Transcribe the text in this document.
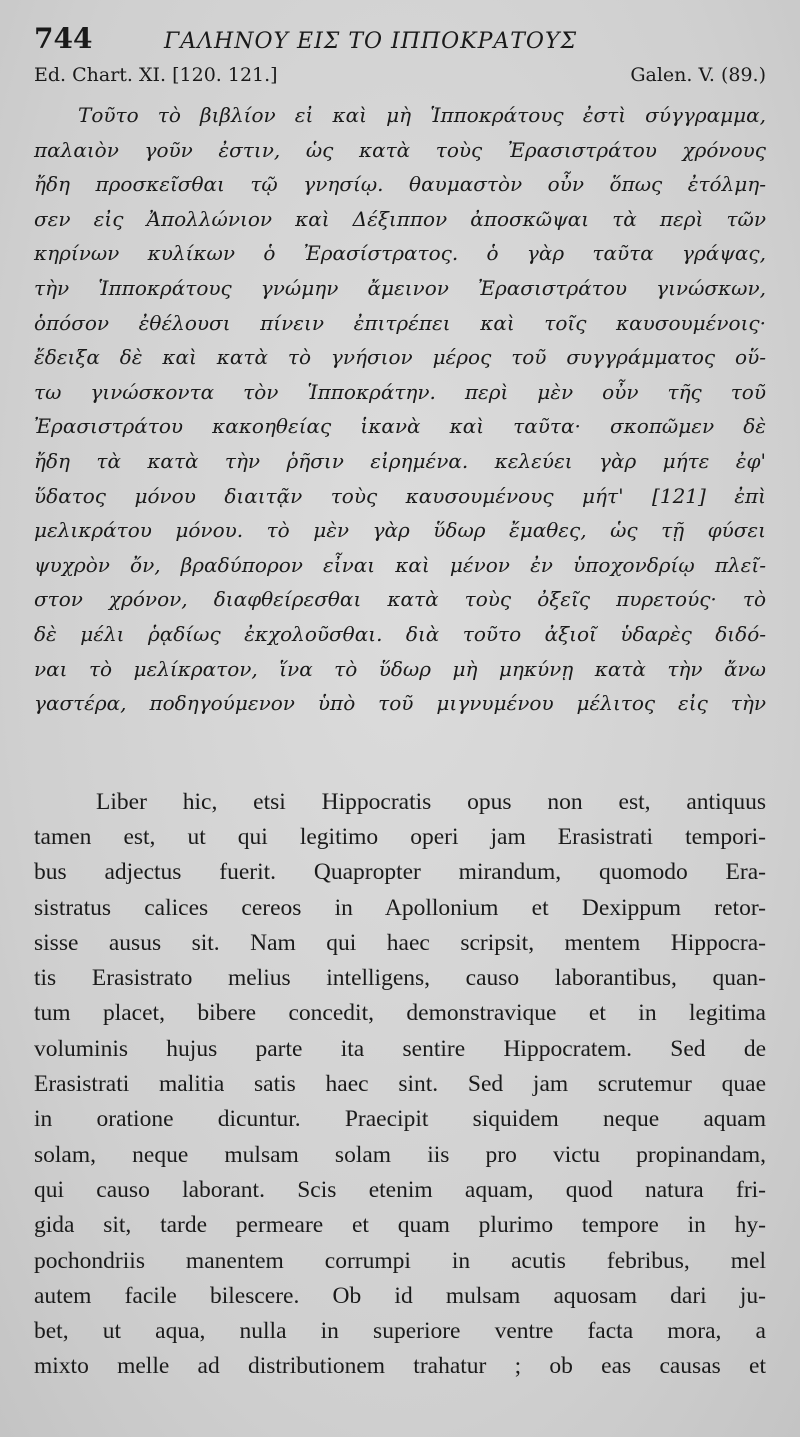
744	ΓΑΛΗΝΟΥ ΕΙΣ ΤΟ ΙΠΠΟΚΡΑΤΟΥΣ
Ed. Chart. XI. [120. 121.]	Galen. V. (89.)
Τοῦτο τὸ βιβλίον εἰ καὶ μὴ Ἱπποκράτους ἐστὶ σύγγραμμα,
παλαιὸν γοῦν ἐστιν, ὡς κατὰ τοὺς Ἐρασιστράτου χρόνους
ἤδη προσκεῖσθαι τῷ γνησίῳ. θαυμαστὸν οὖν ὅπως ἐτόλμη-
σεν εἰς Ἀπολλώνιον καὶ Δέξιππον ἀποσκῶψαι τὰ περὶ τῶν
κηρίνων κυλίκων ὁ Ἐρασίστρατος. ὁ γὰρ ταῦτα γράψας,
τὴν Ἱπποκράτους γνώμην ἄμεινον Ἐρασιστράτου γινώσκων,
ὁπόσον ἐθέλουσι πίνειν ἐπιτρέπει καὶ τοῖς καυσουμένοις·
ἔδειξα δὲ καὶ κατὰ τὸ γνήσιον μέρος τοῦ συγγράμματος οὕ-
τω γινώσκοντα τὸν Ἱπποκράτην. περὶ μὲν οὖν τῆς τοῦ
Ἐρασιστράτου κακοηθείας ἱκανὰ καὶ ταῦτα· σκοπῶμεν δὲ
ἤδη τὰ κατὰ τὴν ῥῆσιν εἰρημένα. κελεύει γὰρ μήτε ἐφ'
ὕδατος μόνου διαιτᾷν τοὺς καυσουμένους μήτ' [121] ἐπὶ
μελικράτου μόνου. τὸ μὲν γὰρ ὕδωρ ἔμαθες, ὡς τῇ φύσει
ψυχρὸν ὄν, βραδύπορον εἶναι καὶ μένον ἐν ὑποχονδρίῳ πλεῖ-
στον χρόνον, διαφθείρεσθαι κατὰ τοὺς ὀξεῖς πυρετούς· τὸ
δὲ μέλι ῥᾳδίως ἐκχολοῦσθαι. διὰ τοῦτο ἀξιοῖ ὑδαρὲς διδό-
ναι τὸ μελίκρατον, ἵνα τὸ ὕδωρ μὴ μηκύνῃ κατὰ τὴν ἄνω
γαστέρα, ποδηγούμενον ὑπὸ τοῦ μιγνυμένου μέλιτος εἰς τὴν
Liber hic, etsi Hippocratis opus non est, antiquus
tamen est, ut qui legitimo operi jam Erasistrati tempori-
bus adjectus fuerit. Quapropter mirandum, quomodo Era-
sistratus calices cereos in Apollonium et Dexippum retor-
sisse ausus sit. Nam qui haec scripsit, mentem Hippocra-
tis Erasistrato melius intelligens, causo laborantibus, quan-
tum placet, bibere concedit, demonstravique et in legitima
voluminis hujus parte ita sentire Hippocratem. Sed de
Erasistrati malitia satis haec sint. Sed jam scrutemur quae
in oratione dicuntur. Praecipit siquidem neque aquam
solam, neque mulsam solam iis pro victu propinandam,
qui causo laborant. Scis etenim aquam, quod natura fri-
gida sit, tarde permeare et quam plurimo tempore in hy-
pochondriis manentem corrumpi in acutis febribus, mel
autem facile bilescere. Ob id mulsam aquosam dari ju-
bet, ut aqua, nulla in superiore ventre facta mora, a
mixto melle ad distributionem trahatur ; ob eas causas et
